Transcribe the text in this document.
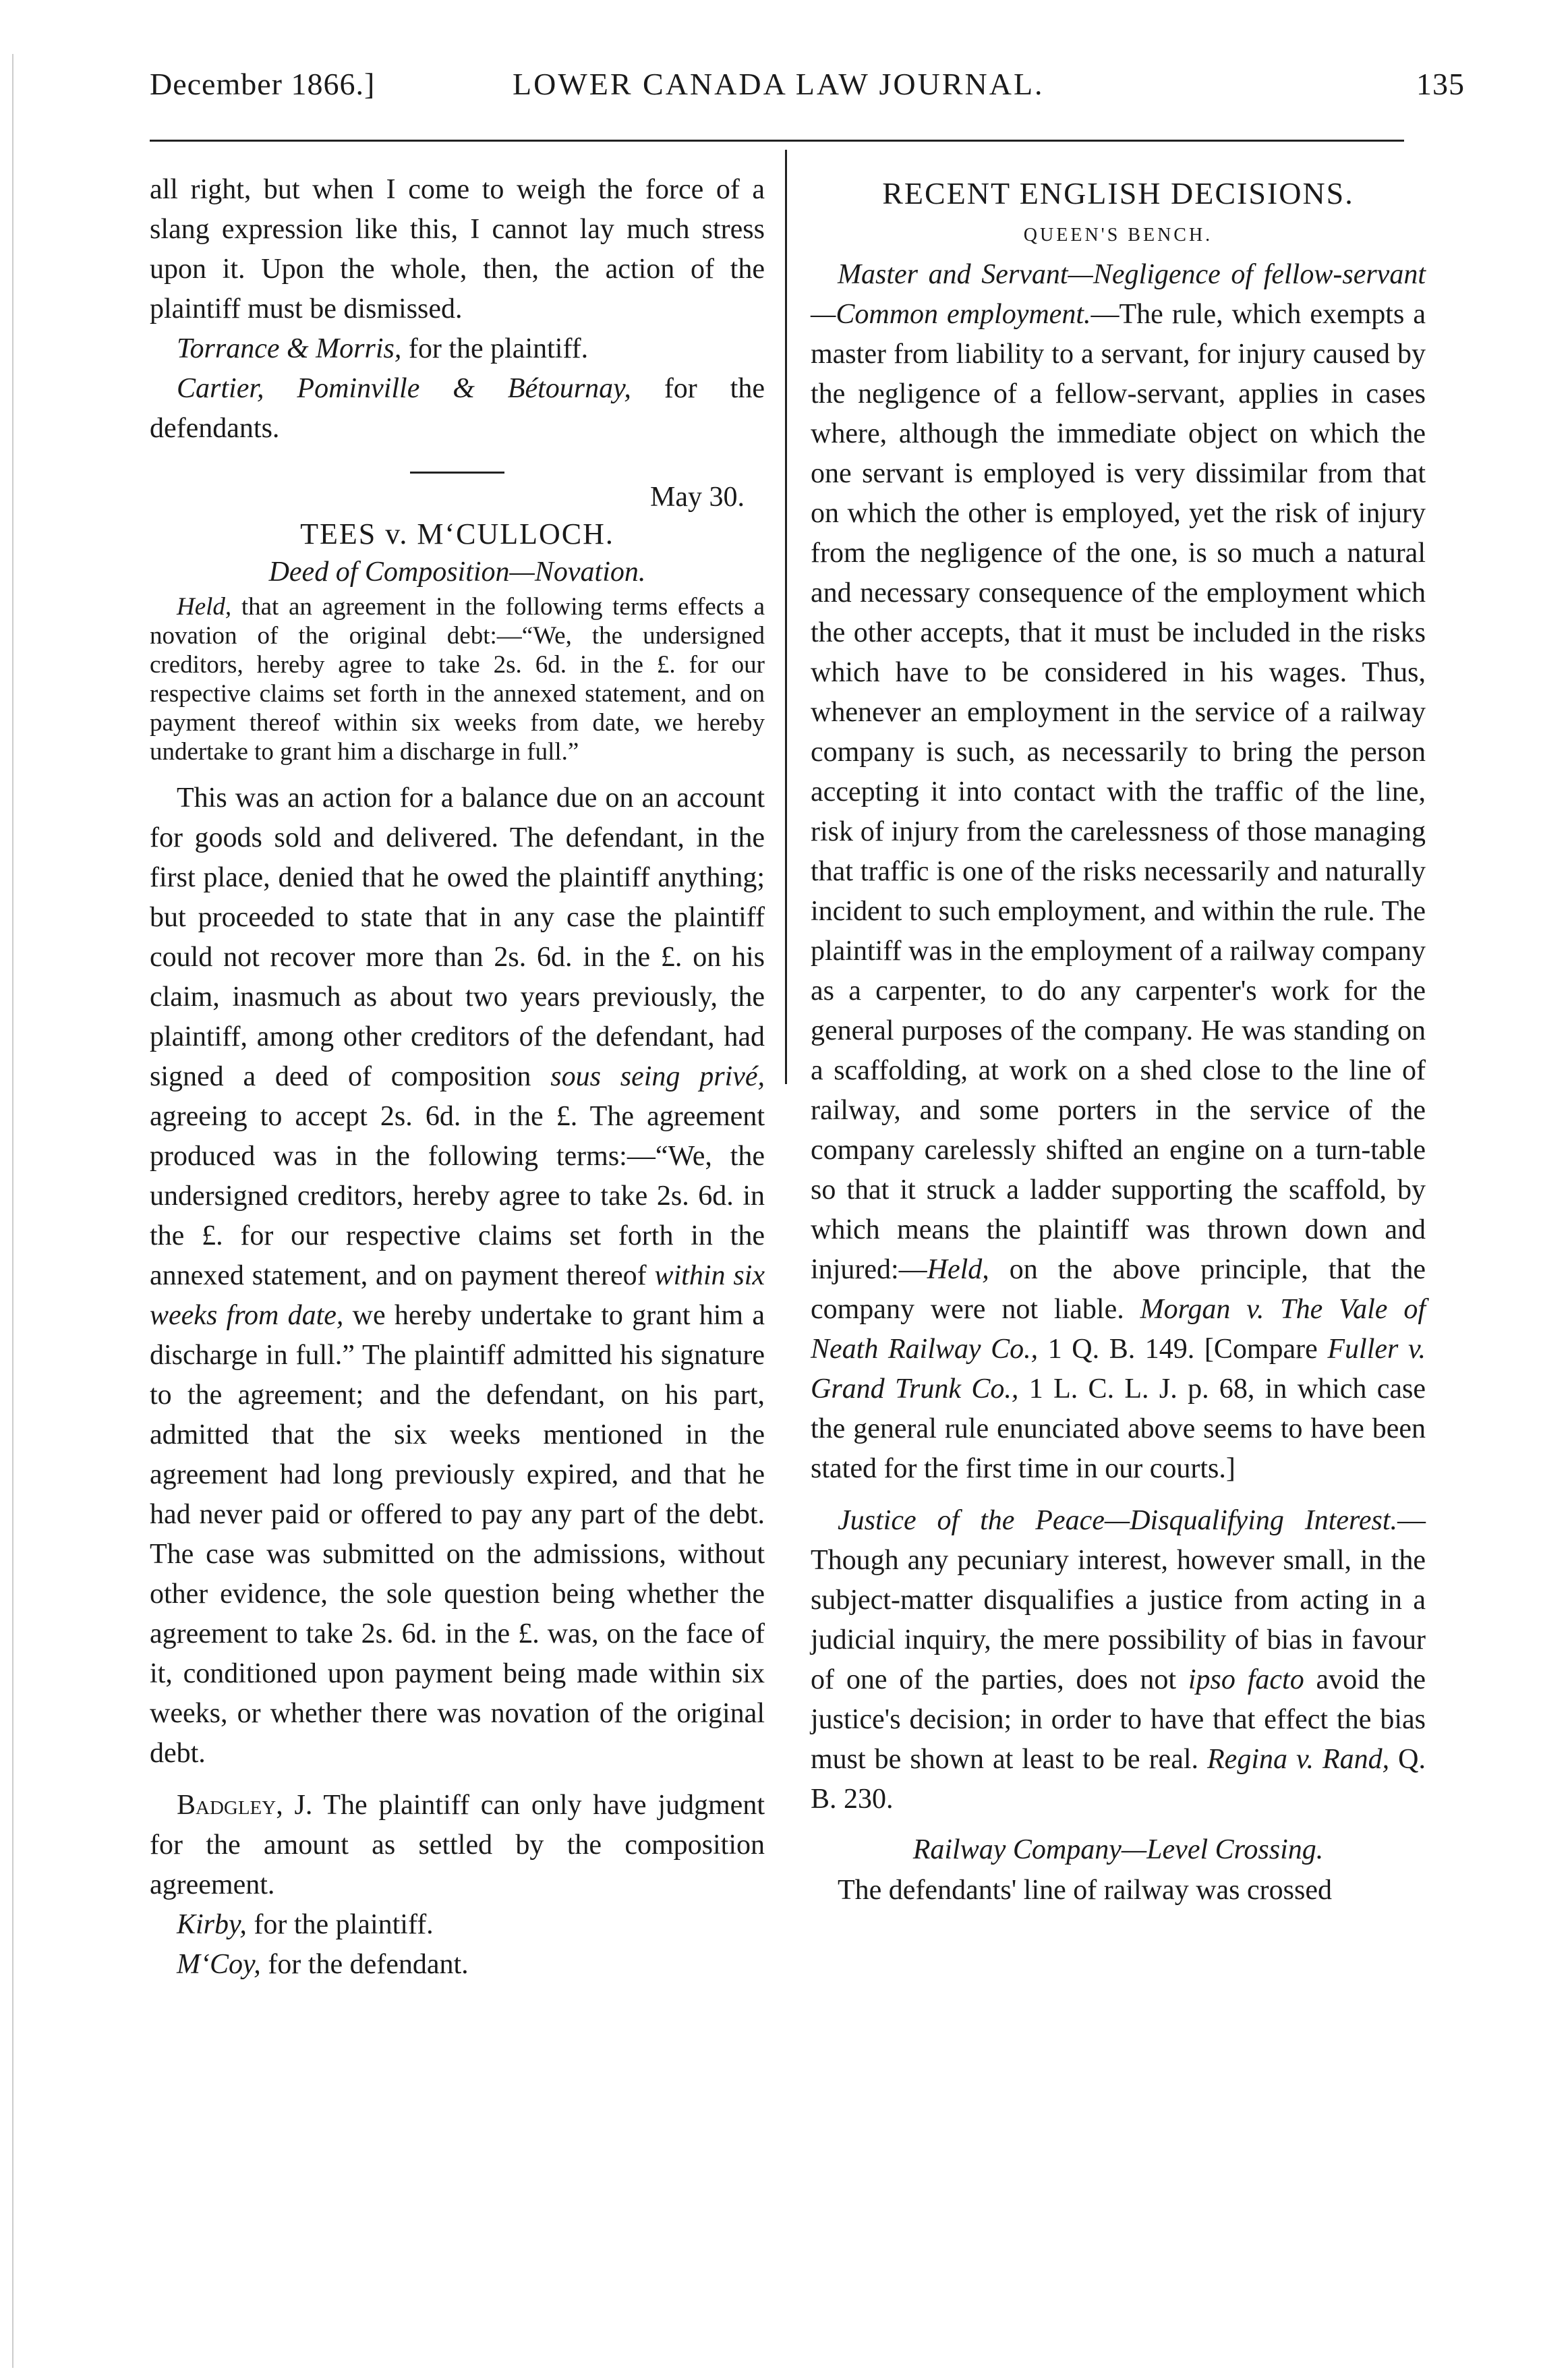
December 1866.]	LOWER CANADA LAW JOURNAL.	135

all right, but when I come to weigh the force of a slang expression like this, I cannot lay much stress upon it. Upon the whole, then, the action of the plaintiff must be dismissed.

Torrance & Morris, for the plaintiff.

Cartier, Pominville & Bétournay, for the defendants.

May 30.
TEES v. M‘CULLOCH.
Deed of Composition—Novation.

Held, that an agreement in the following terms effects a novation of the original debt:—“We, the undersigned creditors, hereby agree to take 2s. 6d. in the £. for our respective claims set forth in the annexed statement, and on payment thereof within six weeks from date, we hereby undertake to grant him a discharge in full.”

This was an action for a balance due on an account for goods sold and delivered. The defendant, in the first place, denied that he owed the plaintiff anything; but proceeded to state that in any case the plaintiff could not recover more than 2s. 6d. in the £. on his claim, inasmuch as about two years previously, the plaintiff, among other creditors of the defendant, had signed a deed of composition sous seing privé, agreeing to accept 2s. 6d. in the £. The agreement produced was in the following terms:—“We, the undersigned creditors, hereby agree to take 2s. 6d. in the £. for our respective claims set forth in the annexed statement, and on payment thereof within six weeks from date, we hereby undertake to grant him a discharge in full.” The plaintiff admitted his signature to the agreement; and the defendant, on his part, admitted that the six weeks mentioned in the agreement had long previously expired, and that he had never paid or offered to pay any part of the debt. The case was submitted on the admissions, without other evidence, the sole question being whether the agreement to take 2s. 6d. in the £. was, on the face of it, conditioned upon payment being made within six weeks, or whether there was novation of the original debt.

Badgley, J. The plaintiff can only have judgment for the amount as settled by the composition agreement.

Kirby, for the plaintiff.

M‘Coy, for the defendant.

RECENT ENGLISH DECISIONS.
QUEEN'S BENCH.

Master and Servant—Negligence of fellow-servant—Common employment.—The rule, which exempts a master from liability to a servant, for injury caused by the negligence of a fellow-servant, applies in cases where, although the immediate object on which the one servant is employed is very dissimilar from that on which the other is employed, yet the risk of injury from the negligence of the one, is so much a natural and necessary consequence of the employment which the other accepts, that it must be included in the risks which have to be considered in his wages. Thus, whenever an employment in the service of a railway company is such, as necessarily to bring the person accepting it into contact with the traffic of the line, risk of injury from the carelessness of those managing that traffic is one of the risks necessarily and naturally incident to such employment, and within the rule. The plaintiff was in the employment of a railway company as a carpenter, to do any carpenter's work for the general purposes of the company. He was standing on a scaffolding, at work on a shed close to the line of railway, and some porters in the service of the company carelessly shifted an engine on a turn-table so that it struck a ladder supporting the scaffold, by which means the plaintiff was thrown down and injured:—Held, on the above principle, that the company were not liable. Morgan v. The Vale of Neath Railway Co., 1 Q. B. 149. [Compare Fuller v. Grand Trunk Co., 1 L. C. L. J. p. 68, in which case the general rule enunciated above seems to have been stated for the first time in our courts.]

Justice of the Peace—Disqualifying Interest.—Though any pecuniary interest, however small, in the subject-matter disqualifies a justice from acting in a judicial inquiry, the mere possibility of bias in favour of one of the parties, does not ipso facto avoid the justice's decision; in order to have that effect the bias must be shown at least to be real. Regina v. Rand, Q. B. 230.

Railway Company—Level Crossing.

The defendants' line of railway was crossed
